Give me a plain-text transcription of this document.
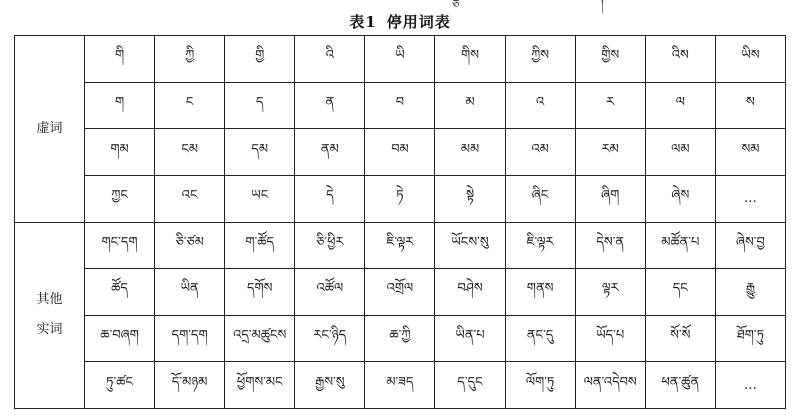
ཅ	།
表1 停用词表
虚词	གི	ཀྱི	གྱི	འི	ཡི	གིས	ཀྱིས	གྱིས	འིས	ཡིས
	ག	ང	ད	ན	བ	མ	འ	ར	ལ	ས
	གམ	ངམ	དམ	ནམ	བམ	མམ	འམ	རམ	ལམ	སམ
	ཀྱང	འང	ཡང	དེ	ཏེ	སྟེ	ཞིང	ཞིག	ཞེས	…

其他
实词	གང་དག	ཅི་ཙམ	ག་ཚོད	ཅི་ཕྱིར	ཇི་ལྟར	ཡོངས་སུ	ཇི་ལྟར	དེས་ན	མཚོན་པ	ཞེས་བྱ
	ཚོད	ཡིན	དགོས	འཚོལ	འགྲོལ	བཤེས	གནས	ལྟར	དང	རྒྱུ
	ཆ་བཞག	དག་དག	འདྲ་མཚུངས	རང་ཉིད	ཆ་ཀྱི	ཡིན་པ	ནང་དུ	ཡོད་པ	སོ་སོ	ཐོག་ཏུ
	ཏུ་ཚང	དོ་མཉམ	ཕྱོགས་མང	རྒྱས་སུ	མ་ཟད	ད་དུང	ལོག་ཏུ	ལན་འདེབས	ཕན་ཚུན	…
